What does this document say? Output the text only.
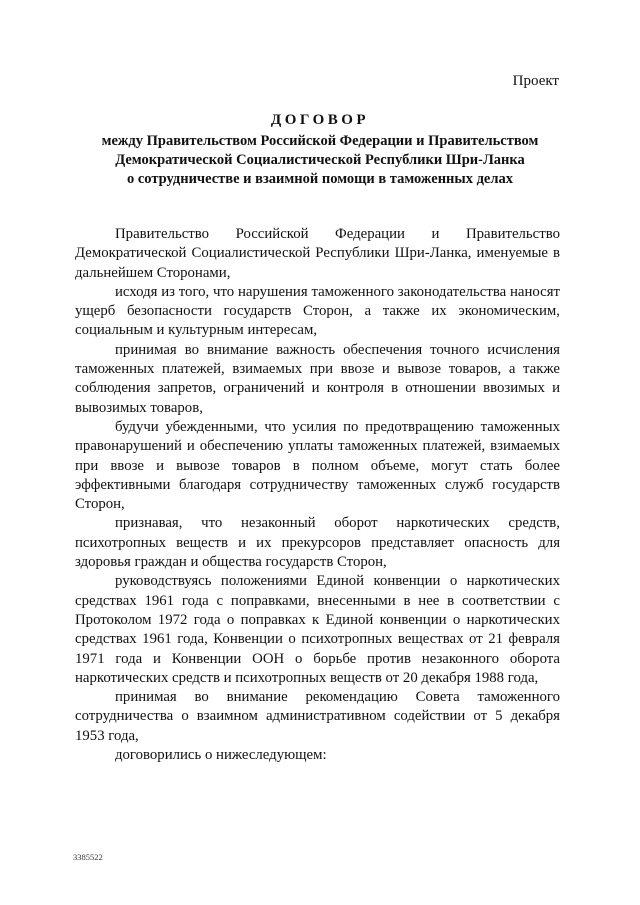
Проект
ДОГОВОР
между Правительством Российской Федерации и Правительством
Демократической Социалистической Республики Шри-Ланка
о сотрудничестве и взаимной помощи в таможенных делах

Правительство Российской Федерации и Правительство Демократической Социалистической Республики Шри-Ланка, именуемые в дальнейшем Сторонами,

исходя из того, что нарушения таможенного законодательства наносят ущерб безопасности государств Сторон, а также их экономическим, социальным и культурным интересам,

принимая во внимание важность обеспечения точного исчисления таможенных платежей, взимаемых при ввозе и вывозе товаров, а также соблюдения запретов, ограничений и контроля в отношении ввозимых и вывозимых товаров,

будучи убежденными, что усилия по предотвращению таможенных правонарушений и обеспечению уплаты таможенных платежей, взимаемых при ввозе и вывозе товаров в полном объеме, могут стать более эффективными благодаря сотрудничеству таможенных служб государств Сторон,

признавая, что незаконный оборот наркотических средств, психотропных веществ и их прекурсоров представляет опасность для здоровья граждан и общества государств Сторон,

руководствуясь положениями Единой конвенции о наркотических средствах 1961 года с поправками, внесенными в нее в соответствии с Протоколом 1972 года о поправках к Единой конвенции о наркотических средствах 1961 года, Конвенции о психотропных веществах от 21 февраля 1971 года и Конвенции ООН о борьбе против незаконного оборота наркотических средств и психотропных веществ от 20 декабря 1988 года,

принимая во внимание рекомендацию Совета таможенного сотрудничества о взаимном административном содействии от 5 декабря 1953 года,

договорились о нижеследующем:

3385522
